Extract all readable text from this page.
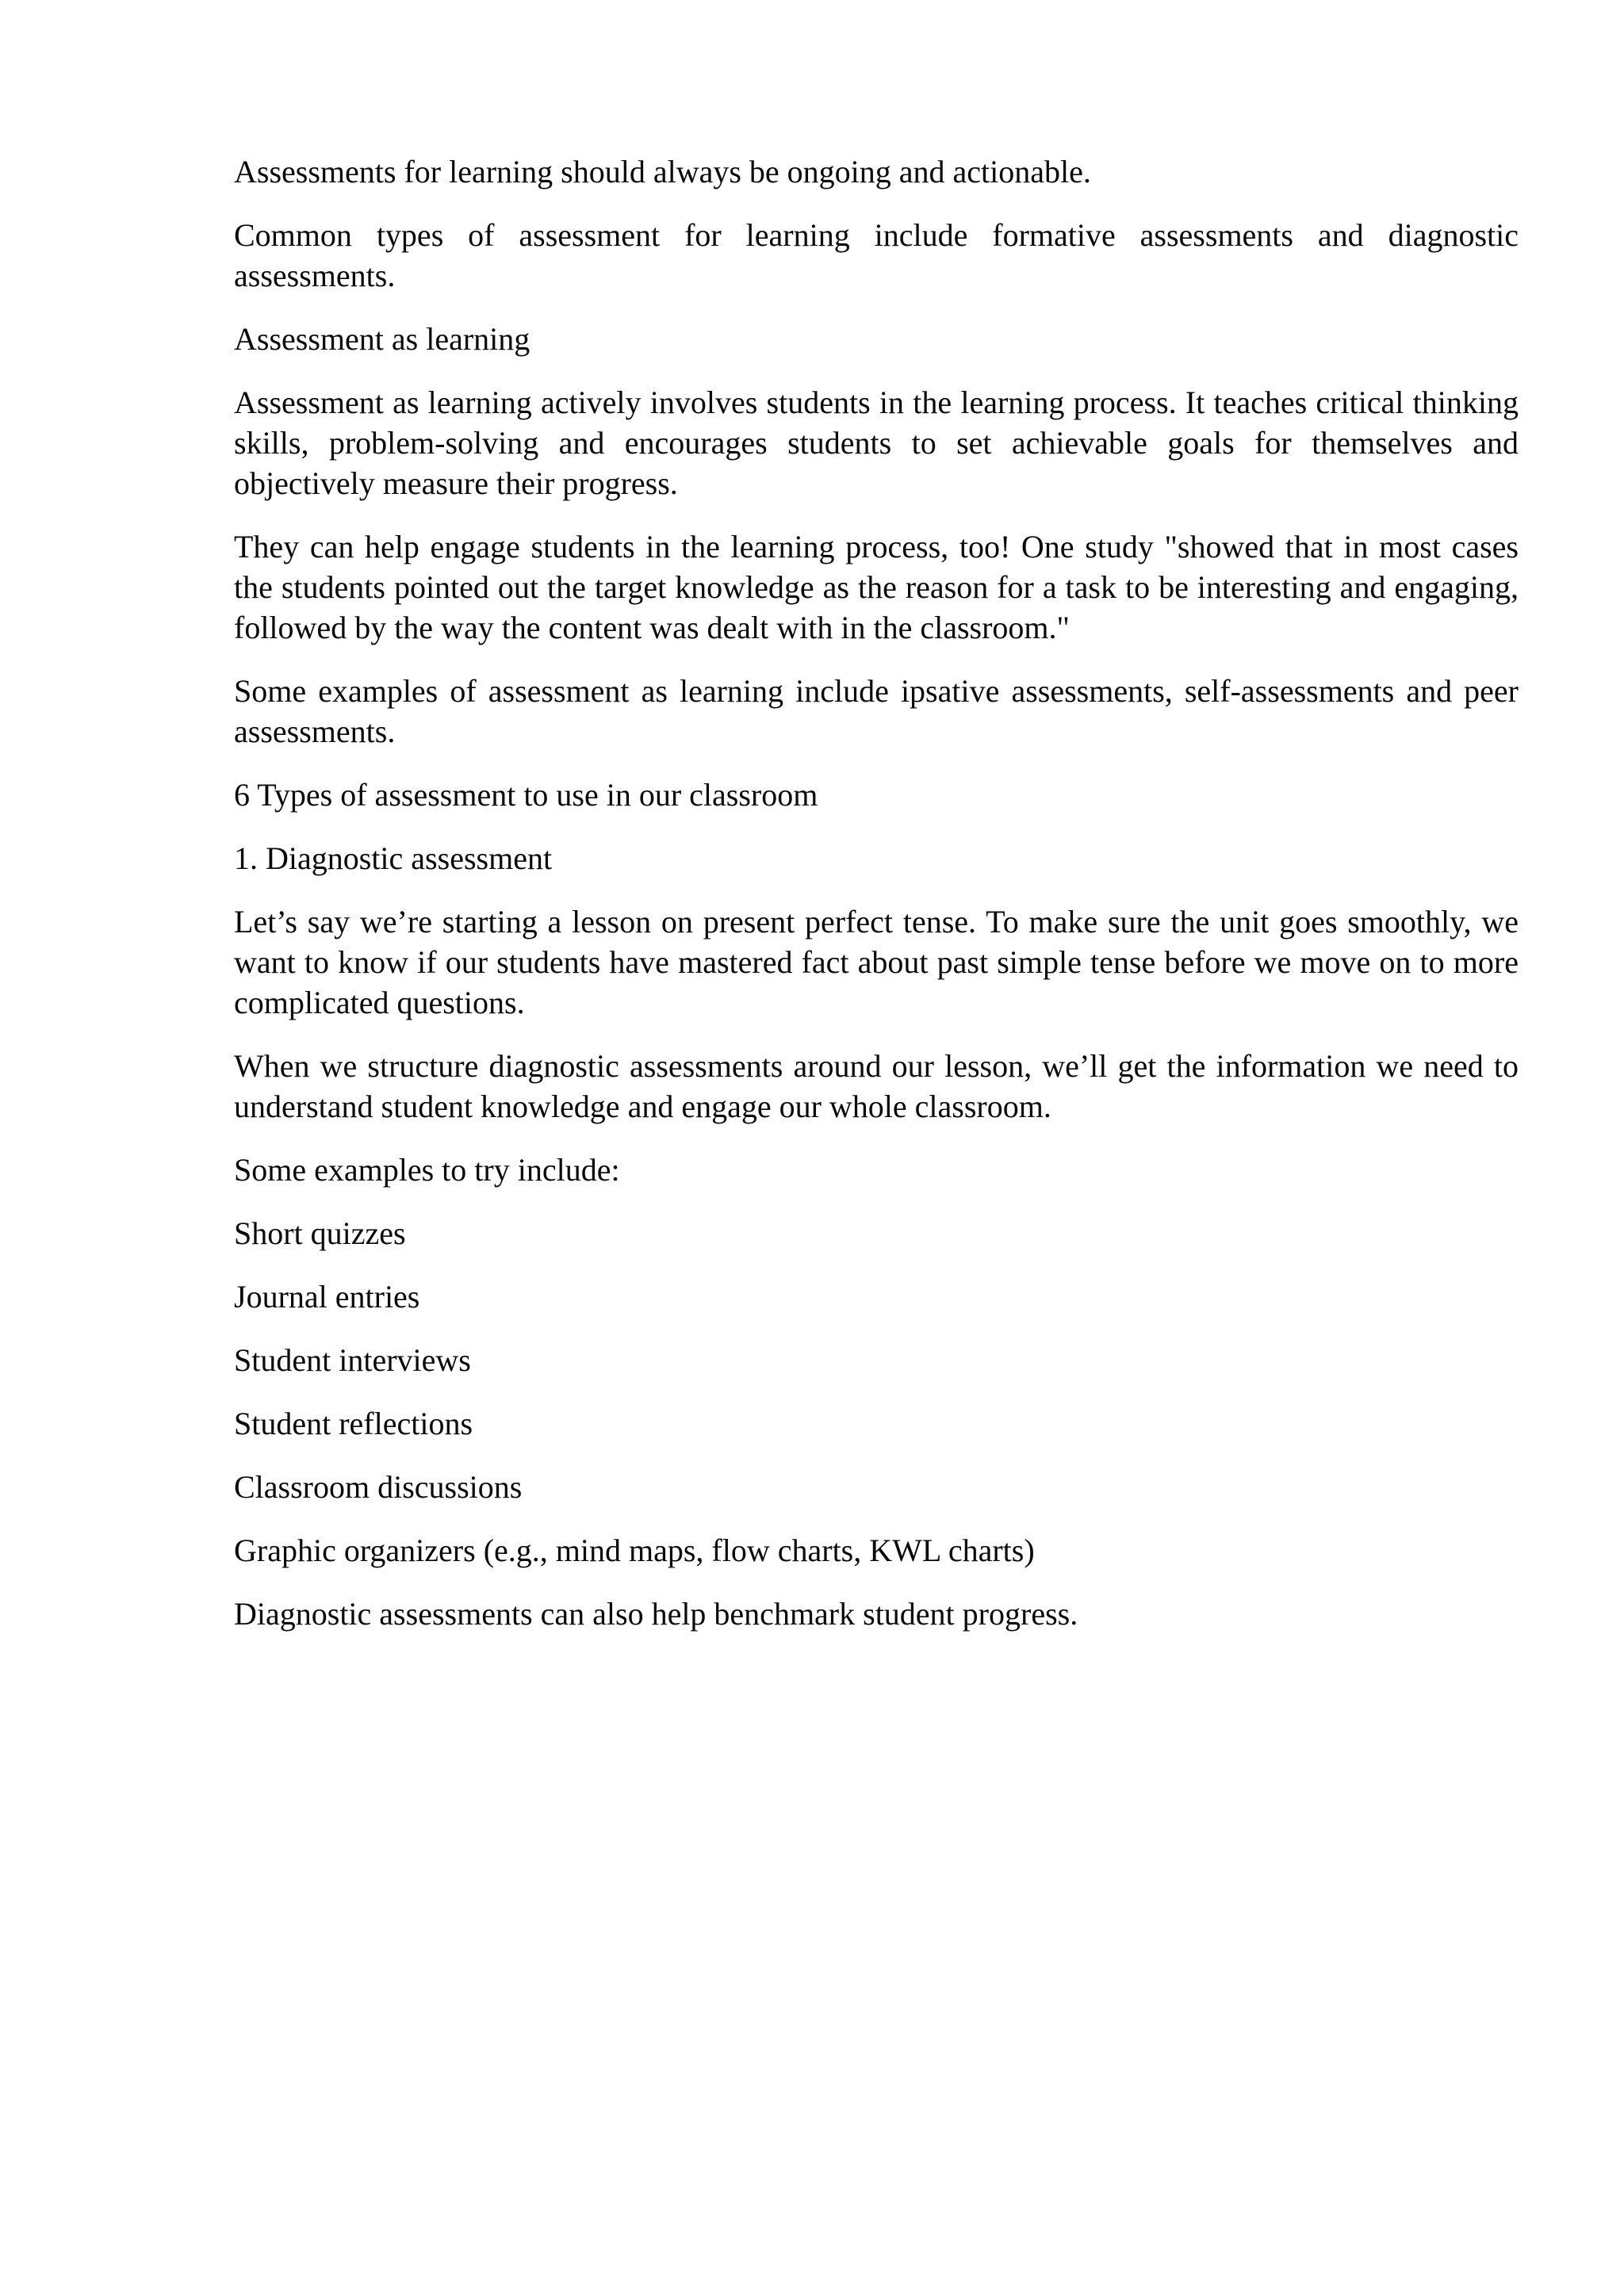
Assessments for learning should always be ongoing and actionable.

Common types of assessment for learning include formative assessments and diagnostic assessments.

Assessment as learning

Assessment as learning actively involves students in the learning process. It teaches critical thinking skills, problem-solving and encourages students to set achievable goals for themselves and objectively measure their progress.

They can help engage students in the learning process, too! One study "showed that in most cases the students pointed out the target knowledge as the reason for a task to be interesting and engaging, followed by the way the content was dealt with in the classroom."

Some examples of assessment as learning include ipsative assessments, self-assessments and peer assessments.

6 Types of assessment to use in our classroom

1. Diagnostic assessment

Let’s say we’re starting a lesson on present perfect tense. To make sure the unit goes smoothly, we want to know if our students have mastered fact about past simple tense before we move on to more complicated questions.

When we structure diagnostic assessments around our lesson, we’ll get the information we need to understand student knowledge and engage our whole classroom.

Some examples to try include:

Short quizzes

Journal entries

Student interviews

Student reflections

Classroom discussions

Graphic organizers (e.g., mind maps, flow charts, KWL charts)

Diagnostic assessments can also help benchmark student progress.
